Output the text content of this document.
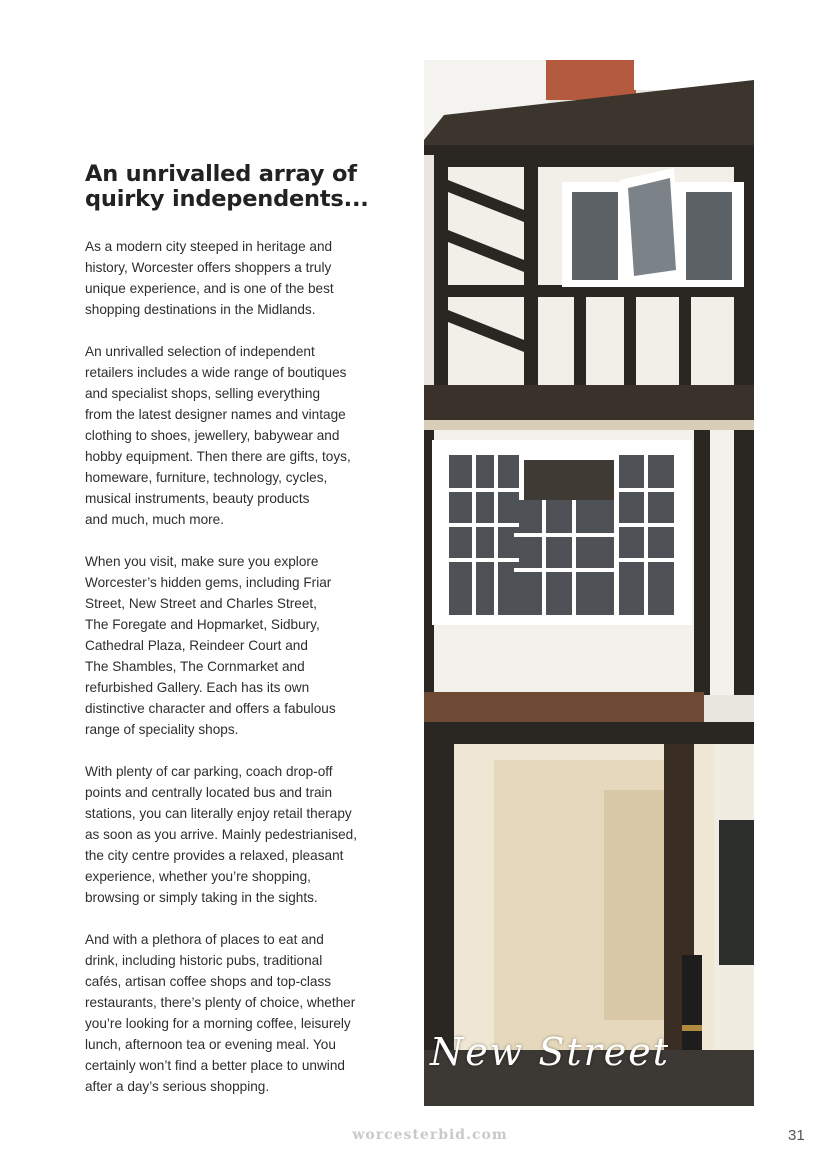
An unrivalled array of
quirky independents...

As a modern city steeped in heritage and
history, Worcester offers shoppers a truly
unique experience, and is one of the best
shopping destinations in the Midlands.

An unrivalled selection of independent
retailers includes a wide range of boutiques
and specialist shops, selling everything
from the latest designer names and vintage
clothing to shoes, jewellery, babywear and
hobby equipment. Then there are gifts, toys,
homeware, furniture, technology, cycles,
musical instruments, beauty products
and much, much more.

When you visit, make sure you explore
Worcester’s hidden gems, including Friar
Street, New Street and Charles Street,
The Foregate and Hopmarket, Sidbury,
Cathedral Plaza, Reindeer Court and
The Shambles, The Cornmarket and
refurbished Gallery. Each has its own
distinctive character and offers a fabulous
range of speciality shops.

With plenty of car parking, coach drop-off
points and centrally located bus and train
stations, you can literally enjoy retail therapy
as soon as you arrive. Mainly pedestrianised,
the city centre provides a relaxed, pleasant
experience, whether you’re shopping,
browsing or simply taking in the sights.

And with a plethora of places to eat and
drink, including historic pubs, traditional
cafés, artisan coffee shops and top-class
restaurants, there’s plenty of choice, whether
you’re looking for a morning coffee, leisurely
lunch, afternoon tea or evening meal. You
certainly won’t find a better place to unwind
after a day’s serious shopping.

New Street
worcesterbid.com	31
